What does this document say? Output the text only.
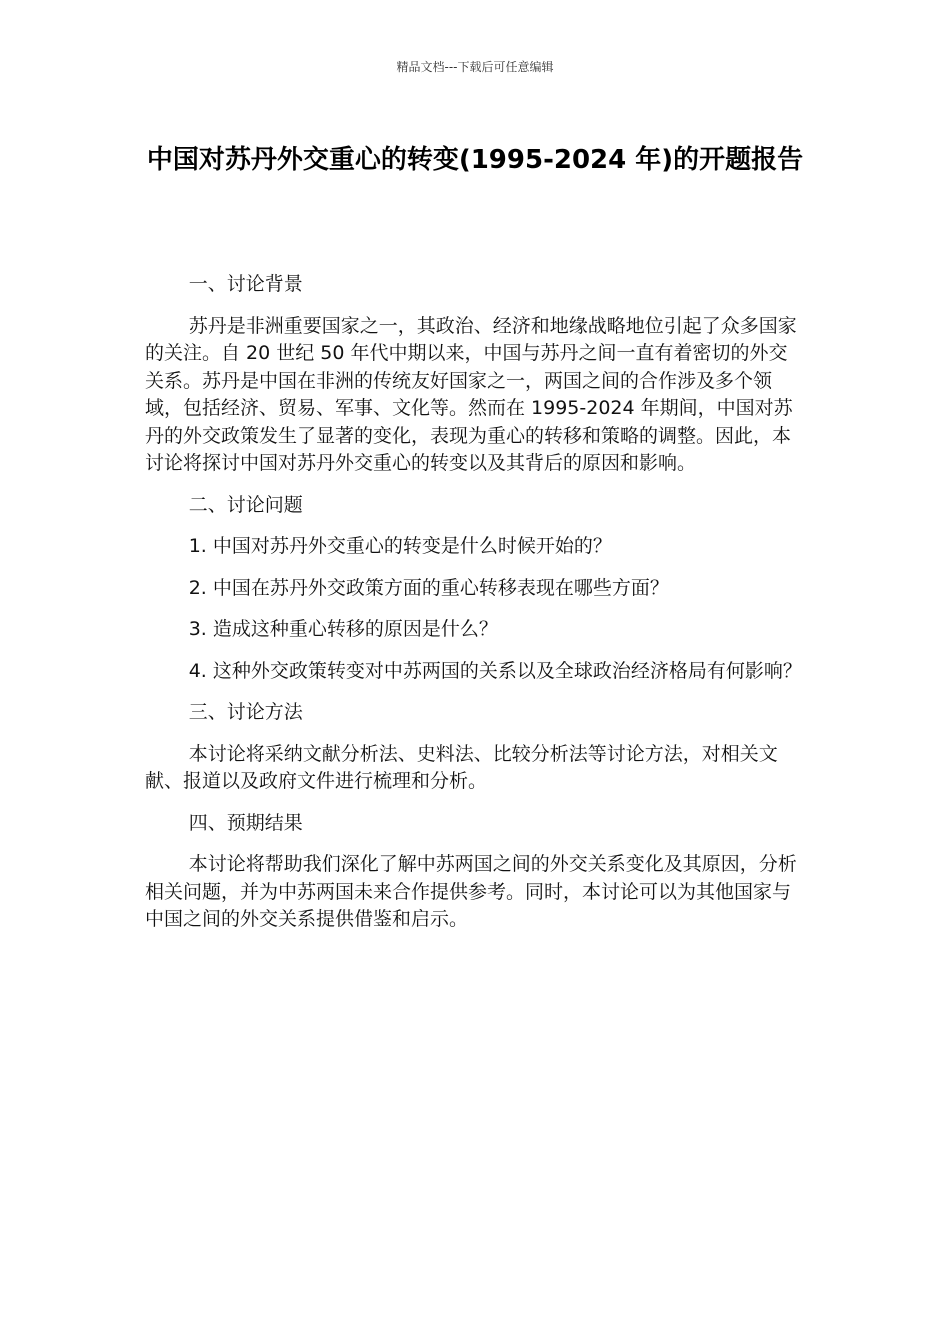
精品文档---下载后可任意编辑
中国对苏丹外交重心的转变(1995-2024 年)的开题报告

一、讨论背景

苏丹是非洲重要国家之一，其政治、经济和地缘战略地位引起了众多国家的关注。自 20 世纪 50 年代中期以来，中国与苏丹之间一直有着密切的外交关系。苏丹是中国在非洲的传统友好国家之一，两国之间的合作涉及多个领域，包括经济、贸易、军事、文化等。然而在 1995-2024 年期间，中国对苏丹的外交政策发生了显著的变化，表现为重心的转移和策略的调整。因此，本讨论将探讨中国对苏丹外交重心的转变以及其背后的原因和影响。

二、讨论问题

1. 中国对苏丹外交重心的转变是什么时候开始的？

2. 中国在苏丹外交政策方面的重心转移表现在哪些方面？

3. 造成这种重心转移的原因是什么？

4. 这种外交政策转变对中苏两国的关系以及全球政治经济格局有何影响？

三、讨论方法

本讨论将采纳文献分析法、史料法、比较分析法等讨论方法，对相关文献、报道以及政府文件进行梳理和分析。

四、预期结果

本讨论将帮助我们深化了解中苏两国之间的外交关系变化及其原因，分析相关问题，并为中苏两国未来合作提供参考。同时，本讨论可以为其他国家与中国之间的外交关系提供借鉴和启示。
